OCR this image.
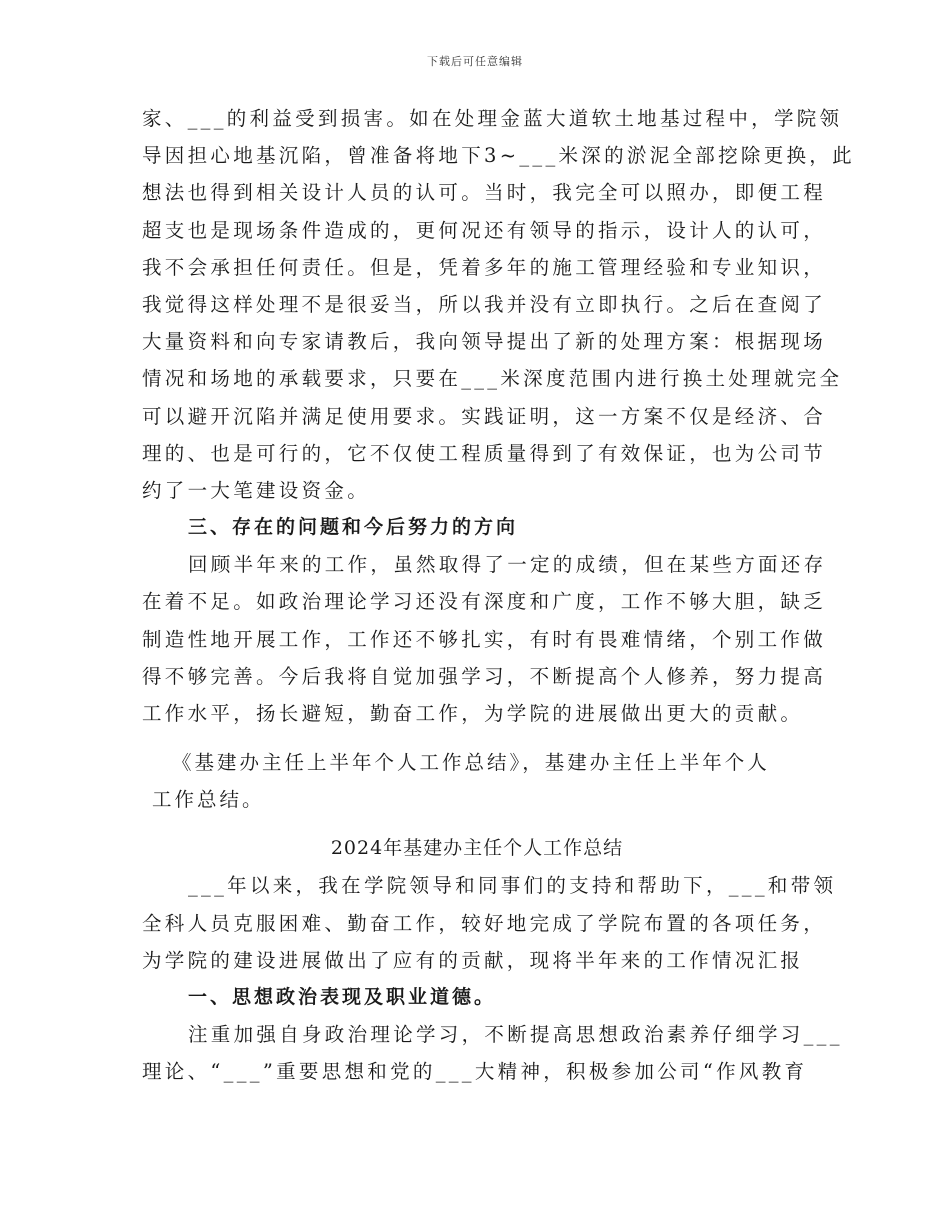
下载后可任意编辑
家、___的利益受到损害。如在处理金蓝大道软土地基过程中，学院领
导因担心地基沉陷，曾准备将地下3~___米深的淤泥全部挖除更换，此
想法也得到相关设计人员的认可。当时，我完全可以照办，即便工程
超支也是现场条件造成的，更何况还有领导的指示，设计人的认可，
我不会承担任何责任。但是，凭着多年的施工管理经验和专业知识，
我觉得这样处理不是很妥当，所以我并没有立即执行。之后在查阅了
大量资料和向专家请教后，我向领导提出了新的处理方案：根据现场
情况和场地的承载要求，只要在___米深度范围内进行换土处理就完全
可以避开沉陷并满足使用要求。实践证明，这一方案不仅是经济、合
理的、也是可行的，它不仅使工程质量得到了有效保证，也为公司节
约了一大笔建设资金。
三、存在的问题和今后努力的方向
回顾半年来的工作，虽然取得了一定的成绩，但在某些方面还存
在着不足。如政治理论学习还没有深度和广度，工作不够大胆，缺乏
制造性地开展工作，工作还不够扎实，有时有畏难情绪，个别工作做
得不够完善。今后我将自觉加强学习，不断提高个人修养，努力提高
工作水平，扬长避短，勤奋工作，为学院的进展做出更大的贡献。
《基建办主任上半年个人工作总结》，基建办主任上半年个人
工作总结。
2024年基建办主任个人工作总结
___年以来，我在学院领导和同事们的支持和帮助下，___和带领
全科人员克服困难、勤奋工作，较好地完成了学院布置的各项任务，
为学院的建设进展做出了应有的贡献，现将半年来的工作情况汇报
一、思想政治表现及职业道德。
注重加强自身政治理论学习，不断提高思想政治素养仔细学习___
理论、“___”重要思想和党的___大精神，积极参加公司“作风教育
